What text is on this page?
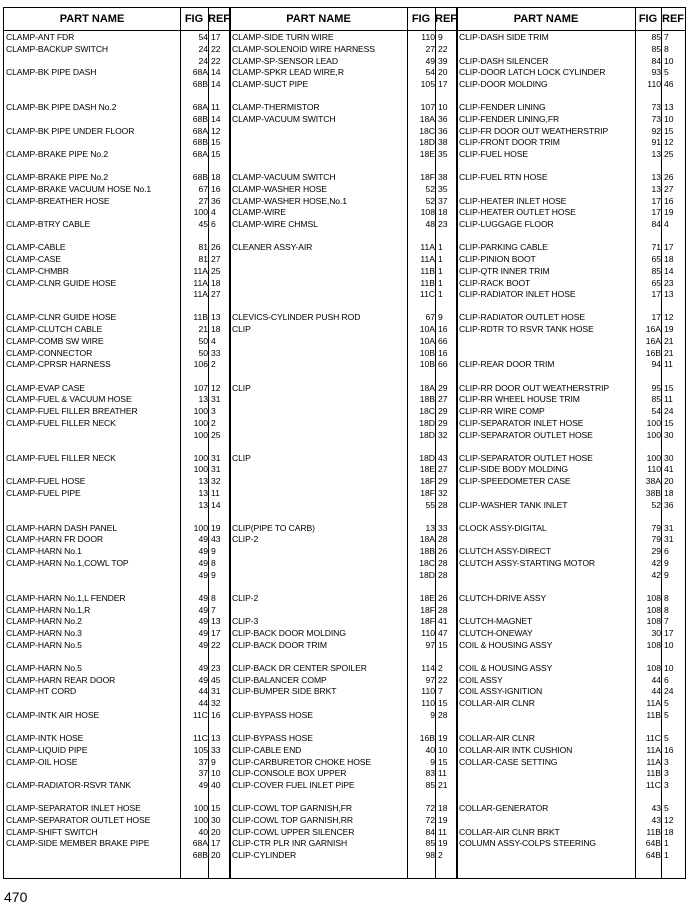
PART NAME	FIG REF
CLAMP-ANT FDR	54 17
CLAMP-BACKUP SWITCH	24 22
24 22
CLAMP-BK PIPE DASH	68A 14
68B 14
CLAMP-BK PIPE DASH No.2	68A 11
68B 14
CLAMP-BK PIPE UNDER FLOOR	68A 12
68B 15
CLAMP-BRAKE PIPE No.2	68A 15
CLAMP-BRAKE PIPE No.2	68B 18
CLAMP-BRAKE VACUUM HOSE No.1	67 16
CLAMP-BREATHER HOSE	27 36
100 4
CLAMP-BTRY CABLE	45 6
CLAMP-CABLE	81 26
CLAMP-CASE	81 27
CLAMP-CHMBR	11A 25
CLAMP-CLNR GUIDE HOSE	11A 18
11A 27
CLAMP-CLNR GUIDE HOSE	11B 13
CLAMP-CLUTCH CABLE	21 18
CLAMP-COMB SW WIRE	50 4
CLAMP-CONNECTOR	50 33
CLAMP-CPRSR HARNESS	106 2
CLAMP-EVAP CASE	107 12
CLAMP-FUEL & VACUUM HOSE	13 31
CLAMP-FUEL FILLER BREATHER	100 3
CLAMP-FUEL FILLER NECK	100 2
100 25
CLAMP-FUEL FILLER NECK	100 31
100 31
CLAMP-FUEL HOSE	13 32
CLAMP-FUEL PIPE	13 11
13 14
CLAMP-HARN DASH PANEL	100 19
CLAMP-HARN FR DOOR	49 43
CLAMP-HARN No.1	49 9
CLAMP-HARN No.1,COWL TOP	49 8
49 9
CLAMP-HARN No.1,L FENDER	49 8
CLAMP-HARN No.1,R	49 7
CLAMP-HARN No.2	49 13
CLAMP-HARN No.3	49 17
CLAMP-HARN No.5	49 22
CLAMP-HARN No.5	49 23
CLAMP-HARN REAR DOOR	49 45
CLAMP-HT CORD	44 31
44 32
CLAMP-INTK AIR HOSE	11C 16
CLAMP-INTK HOSE	11C 13
CLAMP-LIQUID PIPE	105 33
CLAMP-OIL HOSE	37 9
37 10
CLAMP-RADIATOR-RSVR TANK	49 40
CLAMP-SEPARATOR INLET HOSE	100 15
CLAMP-SEPARATOR OUTLET HOSE	100 30
CLAMP-SHIFT SWITCH	40 20
CLAMP-SIDE MEMBER BRAKE PIPE	68A 17
68B 20
PART NAME	FIG REF
CLAMP-SIDE TURN WIRE	110 9
CLAMP-SOLENOID WIRE HARNESS	27 22
CLAMP-SP-SENSOR LEAD	49 39
CLAMP-SPKR LEAD WIRE,R	54 20
CLAMP-SUCT PIPE	105 17
CLAMP-THERMISTOR	107 10
CLAMP-VACUUM SWITCH	18A 36
18C 36
18D 38
18E 35
CLAMP-VACUUM SWITCH	18F 38
CLAMP-WASHER HOSE	52 35
CLAMP-WASHER HOSE,No.1	52 37
CLAMP-WIRE	108 18
CLAMP-WIRE CHMSL	48 23
CLEANER ASSY-AIR	11A 1
11A 1
11B 1
11B 1
11C 1
CLEVICS-CYLINDER PUSH ROD	67 9
CLIP	10A 16
10A 66
10B 16
10B 66
CLIP	18A 29
18B 27
18C 29
18D 29
18D 32
CLIP	18D 43
18E 27
18F 29
18F 32
55 28
CLIP(PIPE TO CARB)	13 33
CLIP-2	18A 28
18B 26
18C 28
18D 28
CLIP-2	18E 26
18F 28
CLIP-3	18F 41
CLIP-BACK DOOR MOLDING	110 47
CLIP-BACK DOOR TRIM	97 15
CLIP-BACK DR CENTER SPOILER	114 2
CLIP-BALANCER COMP	97 22
CLIP-BUMPER SIDE BRKT	110 7
110 15
CLIP-BYPASS HOSE	9 28
CLIP-BYPASS HOSE	16B 19
CLIP-CABLE END	40 10
CLIP-CARBURETOR CHOKE HOSE	9 15
CLIP-CONSOLE BOX UPPER	83 11
CLIP-COVER FUEL INLET PIPE	85 21
CLIP-COWL TOP GARNISH,FR	72 18
CLIP-COWL TOP GARNISH,RR	72 19
CLIP-COWL UPPER SILENCER	84 11
CLIP-CTR PLR INR GARNISH	85 19
CLIP-CYLINDER	98 2
PART NAME	FIG REF
CLIP-DASH SIDE TRIM	85 7
85 8
CLIP-DASH SILENCER	84 10
CLIP-DOOR LATCH LOCK CYLINDER	93 5
CLIP-DOOR MOLDING	110 46
CLIP-FENDER LINING	73 13
CLIP-FENDER LINING,FR	73 10
CLIP-FR DOOR OUT WEATHERSTRIP	92 15
CLIP-FRONT DOOR TRIM	91 12
CLIP-FUEL HOSE	13 25
CLIP-FUEL RTN HOSE	13 26
13 27
CLIP-HEATER INLET HOSE	17 16
CLIP-HEATER OUTLET HOSE	17 19
CLIP-LUGGAGE FLOOR	84 4
CLIP-PARKING CABLE	71 17
CLIP-PINION BOOT	65 18
CLIP-QTR INNER TRIM	85 14
CLIP-RACK BOOT	65 23
CLIP-RADIATOR INLET HOSE	17 13
CLIP-RADIATOR OUTLET HOSE	17 12
CLIP-RDTR TO RSVR TANK HOSE	16A 19
16A 21
16B 21
CLIP-REAR DOOR TRIM	94 11
CLIP-RR DOOR OUT WEATHERSTRIP	95 15
CLIP-RR WHEEL HOUSE TRIM	85 11
CLIP-RR WIRE COMP	54 24
CLIP-SEPARATOR INLET HOSE	100 15
CLIP-SEPARATOR OUTLET HOSE	100 30
CLIP-SEPARATOR OUTLET HOSE	100 30
CLIP-SIDE BODY MOLDING	110 41
CLIP-SPEEDOMETER CASE	38A 20
38B 18
CLIP-WASHER TANK INLET	52 36
CLOCK ASSY-DIGITAL	79 31
79 31
CLUTCH ASSY-DIRECT	29 6
CLUTCH ASSY-STARTING MOTOR	42 9
42 9
CLUTCH-DRIVE ASSY	108 8
108 8
CLUTCH-MAGNET	108 7
CLUTCH-ONEWAY	30 17
COIL & HOUSING ASSY	108 10
COIL & HOUSING ASSY	108 10
COIL ASSY	44 6
COIL ASSY-IGNITION	44 24
COLLAR-AIR CLNR	11A 5
11B 5
COLLAR-AIR CLNR	11C 5
COLLAR-AIR INTK CUSHION	11A 16
COLLAR-CASE SETTING	11A 3
11B 3
11C 3
COLLAR-GENERATOR	43 5
43 12
COLLAR-AIR CLNR BRKT	11B 18
COLUMN ASSY-COLPS STEERING	64B 1
64B 1
470
